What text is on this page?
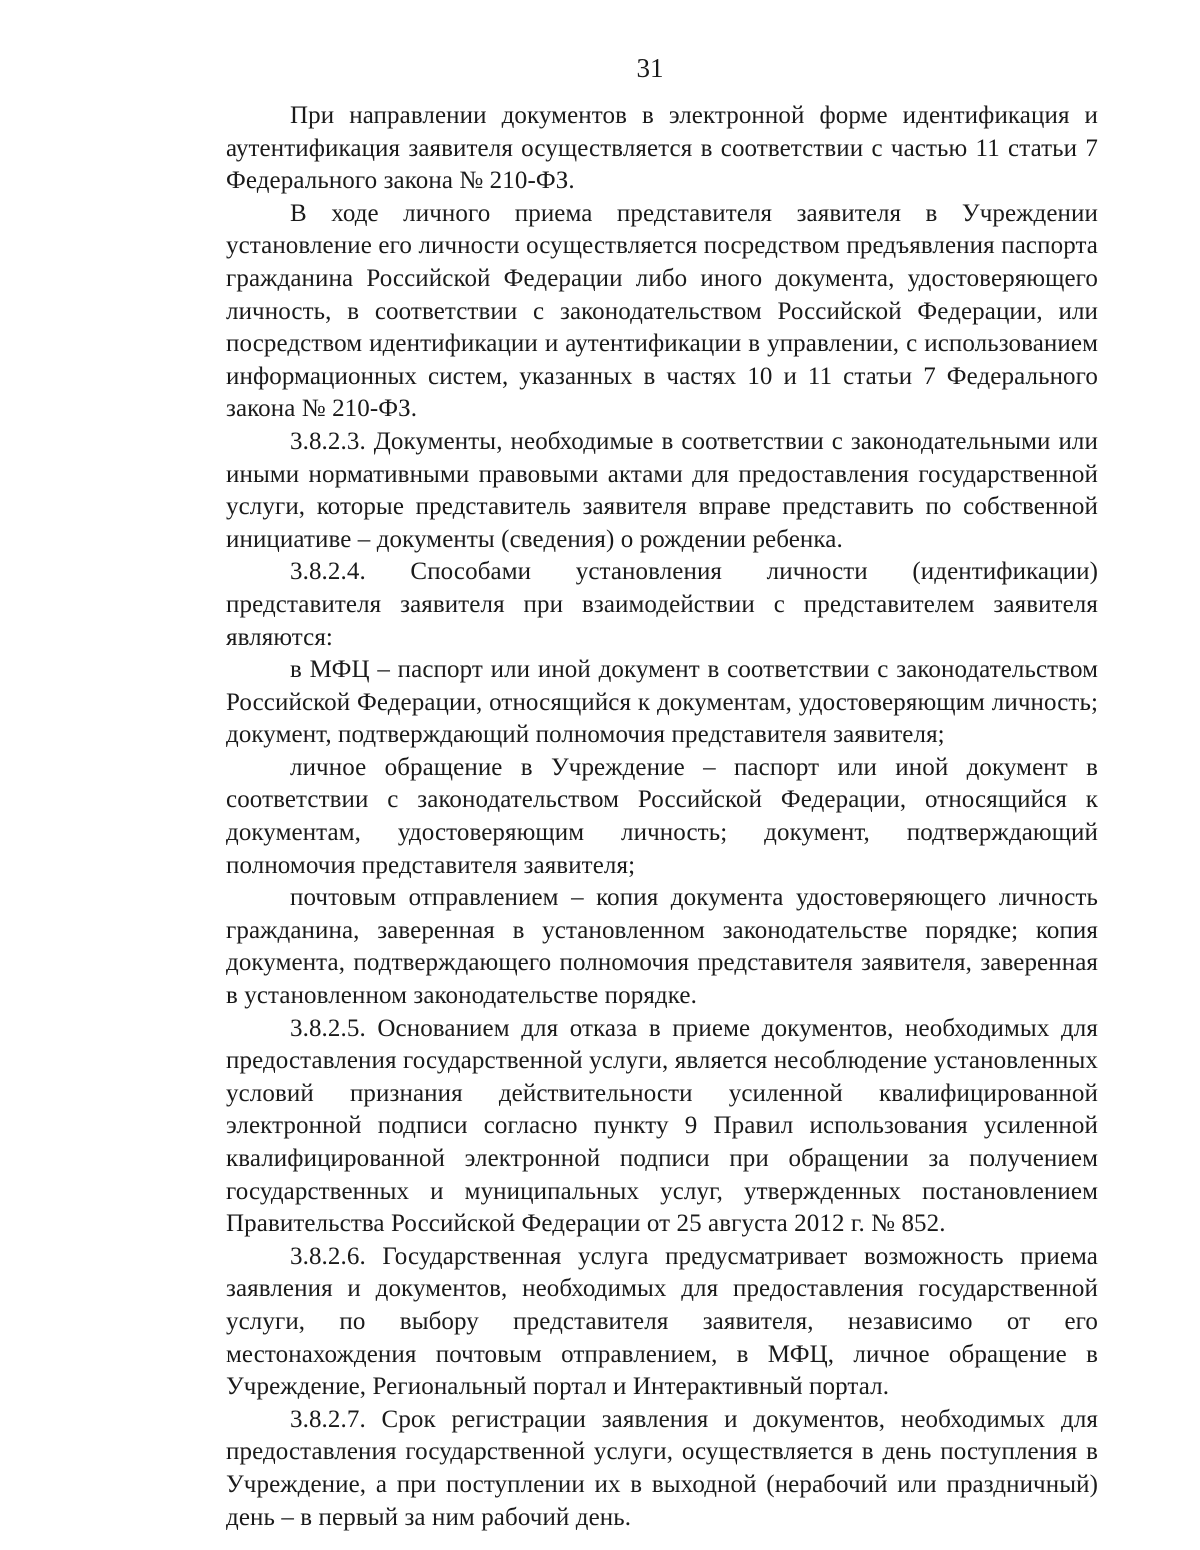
31

При направлении документов в электронной форме идентификация и аутентификация заявителя осуществляется в соответствии с частью 11 статьи 7 Федерального закона № 210-ФЗ.

В ходе личного приема представителя заявителя в Учреждении установление его личности осуществляется посредством предъявления паспорта гражданина Российской Федерации либо иного документа, удостоверяющего личность, в соответствии с законодательством Российской Федерации, или посредством идентификации и аутентификации в управлении, с использованием информационных систем, указанных в частях 10 и 11 статьи 7 Федерального закона № 210-ФЗ.

3.8.2.3. Документы, необходимые в соответствии с законодательными или иными нормативными правовыми актами для предоставления государственной услуги, которые представитель заявителя вправе представить по собственной инициативе – документы (сведения) о рождении ребенка.

3.8.2.4. Способами установления личности (идентификации) представителя заявителя при взаимодействии с представителем заявителя являются:

в МФЦ – паспорт или иной документ в соответствии с законодательством Российской Федерации, относящийся к документам, удостоверяющим личность; документ, подтверждающий полномочия представителя заявителя;

личное обращение в Учреждение – паспорт или иной документ в соответствии с законодательством Российской Федерации, относящийся к документам, удостоверяющим личность; документ, подтверждающий полномочия представителя заявителя;

почтовым отправлением – копия документа удостоверяющего личность гражданина, заверенная в установленном законодательстве порядке; копия документа, подтверждающего полномочия представителя заявителя, заверенная в установленном законодательстве порядке.

3.8.2.5. Основанием для отказа в приеме документов, необходимых для предоставления государственной услуги, является несоблюдение установленных условий признания действительности усиленной квалифицированной электронной подписи согласно пункту 9 Правил использования усиленной квалифицированной электронной подписи при обращении за получением государственных и муниципальных услуг, утвержденных постановлением Правительства Российской Федерации от 25 августа 2012 г. № 852.

3.8.2.6. Государственная услуга предусматривает возможность приема заявления и документов, необходимых для предоставления государственной услуги, по выбору представителя заявителя, независимо от его местонахождения почтовым отправлением, в МФЦ, личное обращение в Учреждение, Региональный портал и Интерактивный портал.

3.8.2.7. Срок регистрации заявления и документов, необходимых для предоставления государственной услуги, осуществляется в день поступления в Учреждение, а при поступлении их в выходной (нерабочий или праздничный) день – в первый за ним рабочий день.
